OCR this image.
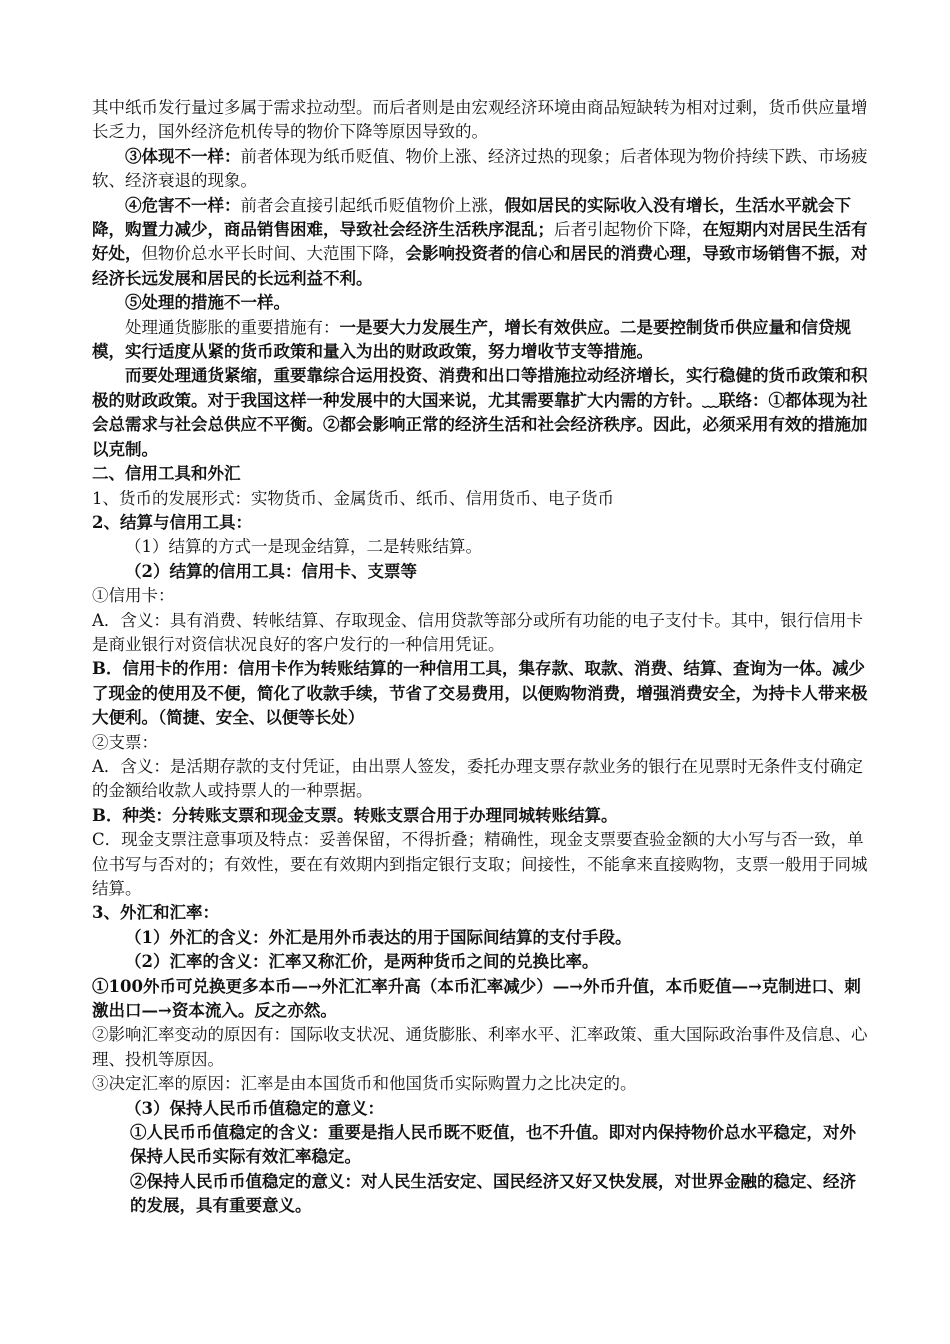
其中纸币发行量过多属于需求拉动型。而后者则是由宏观经济环境由商品短缺转为相对过剩，货币供应量增长乏力，国外经济危机传导的物价下降等原因导致的。

③体现不一样：前者体现为纸币贬值、物价上涨、经济过热的现象；后者体现为物价持续下跌、市场疲软、经济衰退的现象。

④危害不一样：前者会直接引起纸币贬值物价上涨，假如居民的实际收入没有增长，生活水平就会下降，购置力减少，商品销售困难，导致社会经济生活秩序混乱；后者引起物价下降，在短期内对居民生活有好处，但物价总水平长时间、大范围下降，会影响投资者的信心和居民的消费心理，导致市场销售不振，对经济长远发展和居民的长远利益不利。

⑤处理的措施不一样。

处理通货膨胀的重要措施有：一是要大力发展生产，增长有效供应。二是要控制货币供应量和信贷规模，实行适度从紧的货币政策和量入为出的财政政策，努力增收节支等措施。

而要处理通货紧缩，重要靠综合运用投资、消费和出口等措施拉动经济增长，实行稳健的货币政策和积极的财政政策。对于我国这样一种发展中的大国来说，尤其需要靠扩大内需的方针。﹏联络：①都体现为社会总需求与社会总供应不平衡。②都会影响正常的经济生活和社会经济秩序。因此，必须采用有效的措施加以克制。

二、信用工具和外汇

1、货币的发展形式：实物货币、金属货币、纸币、信用货币、电子货币

2、结算与信用工具：

（1）结算的方式一是现金结算，二是转账结算。

（2）结算的信用工具：信用卡、支票等

①信用卡：

A．含义：具有消费、转帐结算、存取现金、信用贷款等部分或所有功能的电子支付卡。其中，银行信用卡是商业银行对资信状况良好的客户发行的一种信用凭证。

B．信用卡的作用：信用卡作为转账结算的一种信用工具，集存款、取款、消费、结算、查询为一体。减少了现金的使用及不便，简化了收款手续，节省了交易费用，以便购物消费，增强消费安全，为持卡人带来极大便利。（简捷、安全、以便等长处）

②支票：

A．含义：是活期存款的支付凭证，由出票人签发，委托办理支票存款业务的银行在见票时无条件支付确定的金额给收款人或持票人的一种票据。

B．种类：分转账支票和现金支票。转账支票合用于办理同城转账结算。

C．现金支票注意事项及特点：妥善保留，不得折叠；精确性，现金支票要查验金额的大小写与否一致，单位书写与否对的；有效性，要在有效期内到指定银行支取；间接性，不能拿来直接购物，支票一般用于同城结算。

3、外汇和汇率：

（1）外汇的含义：外汇是用外币表达的用于国际间结算的支付手段。

（2）汇率的含义：汇率又称汇价，是两种货币之间的兑换比率。

①100外币可兑换更多本币—→外汇汇率升高（本币汇率减少）—→外币升值，本币贬值—→克制进口、刺激出口—→资本流入。反之亦然。

②影响汇率变动的原因有：国际收支状况、通货膨胀、利率水平、汇率政策、重大国际政治事件及信息、心理、投机等原因。

③决定汇率的原因：汇率是由本国货币和他国货币实际购置力之比决定的。

（3）保持人民币币值稳定的意义：

①人民币币值稳定的含义：重要是指人民币既不贬值，也不升值。即对内保持物价总水平稳定，对外保持人民币实际有效汇率稳定。

②保持人民币币值稳定的意义：对人民生活安定、国民经济又好又快发展，对世界金融的稳定、经济的发展，具有重要意义。
